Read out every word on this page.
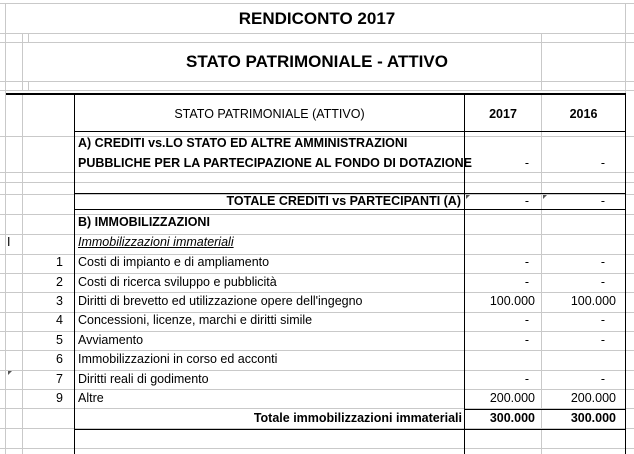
RENDICONTO 2017
STATO PATRIMONIALE - ATTIVO
STATO PATRIMONIALE (ATTIVO)	2017	2016
A) CREDITI vs.LO STATO ED ALTRE AMMINISTRAZIONI
PUBBLICHE PER LA PARTECIPAZIONE AL FONDO DI DOTAZIONE	-	-
TOTALE CREDITI vs PARTECIPANTI (A)	-	-
B) IMMOBILIZZAZIONI
I	Immobilizzazioni immateriali
1 Costi di impianto e di ampliamento	-	-
2 Costi di ricerca sviluppo e pubblicità	-	-
3 Diritti di brevetto ed utilizzazione opere dell'ingegno	100.000	100.000
4 Concessioni, licenze, marchi e diritti simile	-	-
5 Avviamento	-	-
6 Immobilizzazioni in corso ed acconti
7 Diritti reali di godimento	-	-
9 Altre	200.000	200.000
Totale immobilizzazioni immateriali	300.000	300.000
